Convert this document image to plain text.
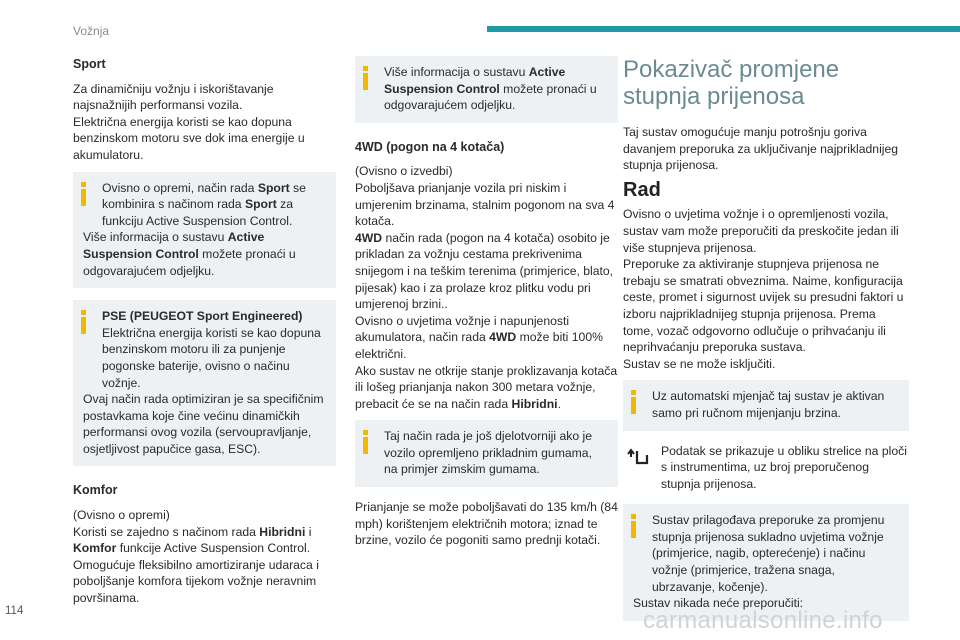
Vožnja
Sport

Za dinamičniju vožnju i iskorištavanje najsnažnijih performansi vozila.
Električna energija koristi se kao dopuna benzinskom motoru sve dok ima energije u akumulatoru.

Ovisno o opremi, način rada Sport se kombinira s načinom rada Sport za funkciju Active Suspension Control.
Više informacija o sustavu Active Suspension Control možete pronaći u odgovarajućem odjeljku.
PSE (PEUGEOT Sport Engineered)
Električna energija koristi se kao dopuna benzinskom motoru ili za punjenje pogonske baterije, ovisno o načinu vožnje.
Ovaj način rada optimiziran je sa specifičnim postavkama koje čine većinu dinamičkih performansi ovog vozila (servoupravljanje, osjetljivost papučice gasa, ESC).
Komfor

(Ovisno o opremi)
Koristi se zajedno s načinom rada Hibridni i Komfor funkcije Active Suspension Control.
Omogućuje fleksibilno amortiziranje udaraca i poboljšanje komfora tijekom vožnje neravnim površinama.

Više informacija o sustavu Active Suspension Control možete pronaći u odgovarajućem odjeljku.
4WD (pogon na 4 kotača)

(Ovisno o izvedbi)
Poboljšava prianjanje vozila pri niskim i umjerenim brzinama, stalnim pogonom na sva 4 kotača.
4WD način rada (pogon na 4 kotača) osobito je prikladan za vožnju cestama prekrivenima snijegom i na teškim terenima (primjerice, blato, pijesak) kao i za prolaze kroz plitku vodu pri umjerenoj brzini..
Ovisno o uvjetima vožnje i napunjenosti akumulatora, način rada 4WD može biti 100% električni.
Ako sustav ne otkrije stanje proklizavanja kotača ili lošeg prianjanja nakon 300 metara vožnje, prebacit će se na način rada Hibridni.

Taj način rada je još djelotvorniji ako je vozilo opremljeno prikladnim gumama, na primjer zimskim gumama.

Prianjanje se može poboljšavati do 135 km/h (84 mph) korištenjem električnih motora; iznad te brzine, vozilo će pogoniti samo prednji kotači.

Pokazivač promjene stupnja prijenosa

Taj sustav omogućuje manju potrošnju goriva davanjem preporuka za uključivanje najprikladnijeg stupnja prijenosa.

Rad

Ovisno o uvjetima vožnje i o opremljenosti vozila, sustav vam može preporučiti da preskočite jedan ili više stupnjeva prijenosa.
Preporuke za aktiviranje stupnjeva prijenosa ne trebaju se smatrati obveznima. Naime, konfiguracija ceste, promet i sigurnost uvijek su presudni faktori u izboru najprikladnijeg stupnja prijenosa. Prema tome, vozač odgovorno odlučuje o prihvaćanju ili neprihvaćanju preporuka sustava.
Sustav se ne može isključiti.

Uz automatski mjenjač taj sustav je aktivan samo pri ručnom mijenjanju brzina.
Podatak se prikazuje u obliku strelice na ploči s instrumentima, uz broj preporučenog stupnja prijenosa.
Sustav prilagođava preporuke za promjenu stupnja prijenosa sukladno uvjetima vožnje (primjerice, nagib, opterećenje) i načinu vožnje (primjerice, tražena snaga, ubrzavanje, kočenje).
Sustav nikada neće preporučiti:
114	carmanualsonline.info
